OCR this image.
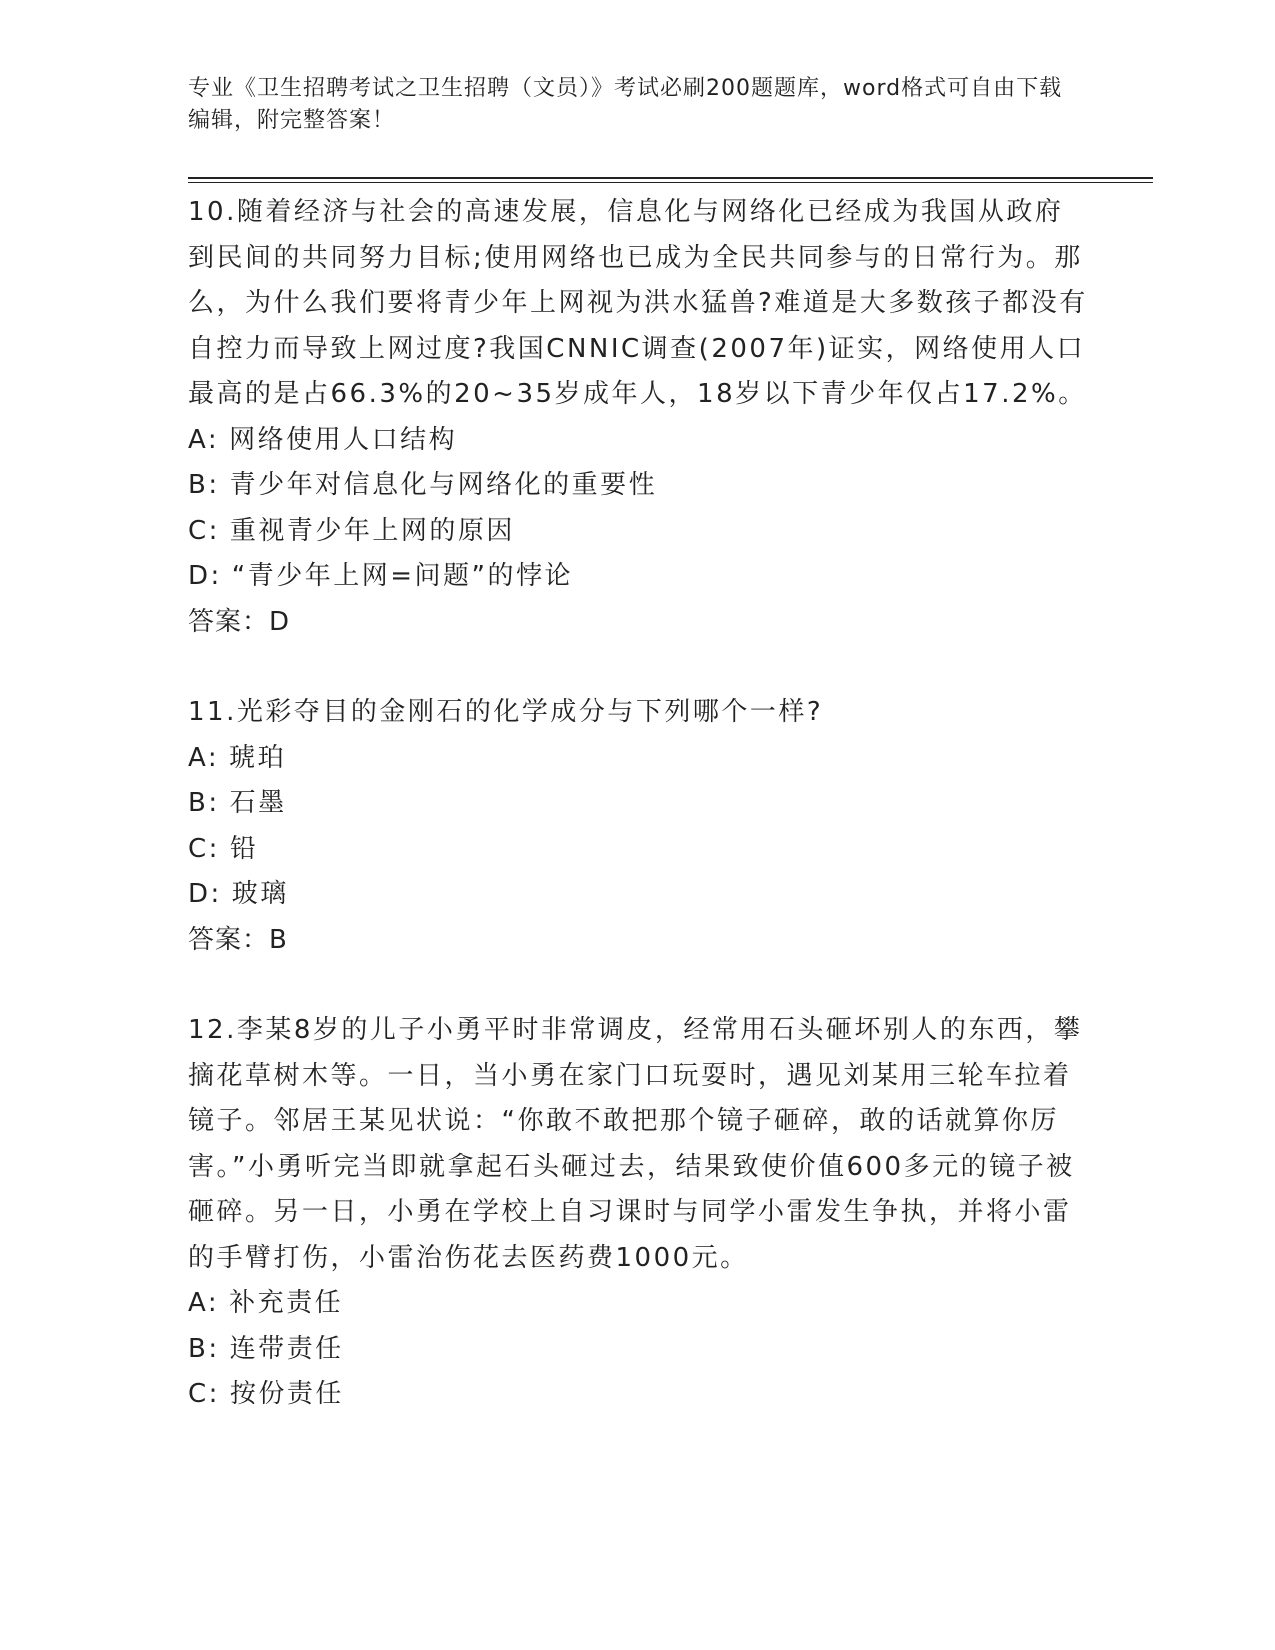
专业《卫生招聘考试之卫生招聘（文员）》考试必刷200题题库，word格式可自由下载编辑，附完整答案！

10.随着经济与社会的高速发展，信息化与网络化已经成为我国从政府到民间的共同努力目标;使用网络也已成为全民共同参与的日常行为。那么，为什么我们要将青少年上网视为洪水猛兽?难道是大多数孩子都没有自控力而导致上网过度?我国CNNIC调查(2007年)证实，网络使用人口最高的是占66.3%的20~35岁成年人，18岁以下青少年仅占17.2%。

A: 网络使用人口结构

B: 青少年对信息化与网络化的重要性

C: 重视青少年上网的原因

D: “青少年上网=问题”的悖论

答案：D

11.光彩夺目的金刚石的化学成分与下列哪个一样?

A: 琥珀

B: 石墨

C: 铅

D: 玻璃

答案：B

12.李某8岁的儿子小勇平时非常调皮，经常用石头砸坏别人的东西，攀摘花草树木等。一日，当小勇在家门口玩耍时，遇见刘某用三轮车拉着镜子。邻居王某见状说：“你敢不敢把那个镜子砸碎，敢的话就算你厉害。”小勇听完当即就拿起石头砸过去，结果致使价值600多元的镜子被砸碎。另一日，小勇在学校上自习课时与同学小雷发生争执，并将小雷的手臂打伤，小雷治伤花去医药费1000元。

A: 补充责任

B: 连带责任

C: 按份责任
